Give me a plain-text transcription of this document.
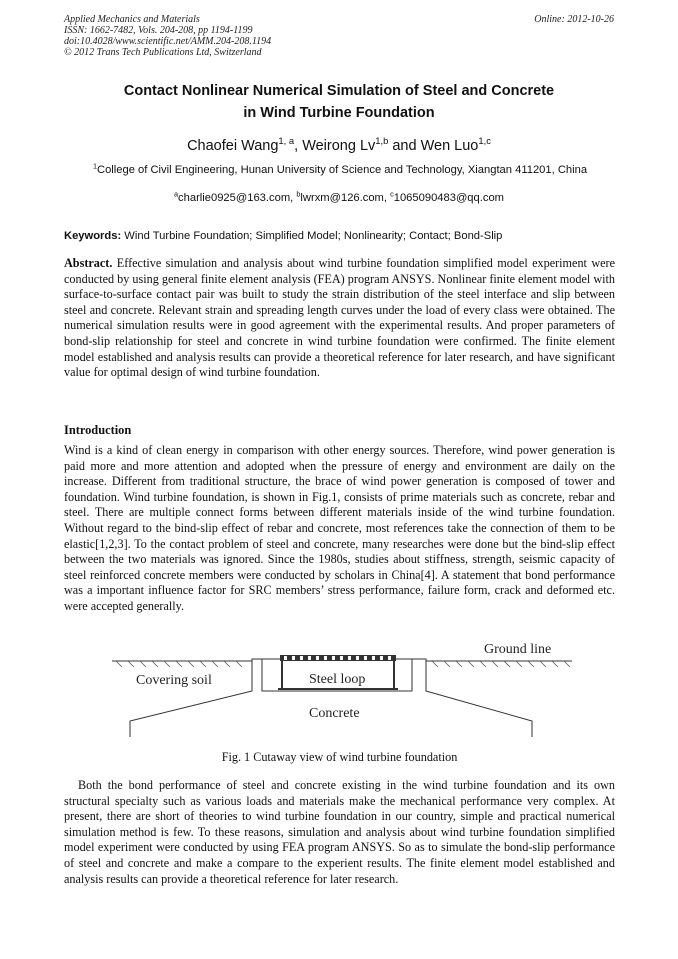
Applied Mechanics and Materials
ISSN: 1662-7482, Vols. 204-208, pp 1194-1199
doi:10.4028/www.scientific.net/AMM.204-208.1194
© 2012 Trans Tech Publications Ltd, Switzerland
Online: 2012-10-26
Contact Nonlinear Numerical Simulation of Steel and Concrete
in Wind Turbine Foundation
Chaofei Wang$^{1, a}$, Weirong Lv$^{1,b}$ and Wen Luo$^{1,c}$
$^1$College of Civil Engineering, Hunan University of Science and Technology, Xiangtan 411201, China
$^a$charlie0925@163.com, $^b$lwrxm@126.com, $^c$1065090483@qq.com
Keywords: Wind Turbine Foundation; Simplified Model; Nonlinearity; Contact; Bond-Slip

Abstract. Effective simulation and analysis about wind turbine foundation simplified model experiment were conducted by using general finite element analysis (FEA) program ANSYS. Nonlinear finite element model with surface-to-surface contact pair was built to study the strain distribution of the steel interface and slip between steel and concrete. Relevant strain and spreading length curves under the load of every class were obtained. The numerical simulation results were in good agreement with the experimental results. And proper parameters of bond-slip relationship for steel and concrete in wind turbine foundation were confirmed. The finite element model established and analysis results can provide a theoretical reference for later research, and have significant value for optimal design of wind turbine foundation.

Introduction

Wind is a kind of clean energy in comparison with other energy sources. Therefore, wind power generation is paid more and more attention and adopted when the pressure of energy and environment are daily on the increase. Different from traditional structure, the brace of wind power generation is composed of tower and foundation. Wind turbine foundation, is shown in Fig.1, consists of prime materials such as concrete, rebar and steel. There are multiple connect forms between different materials inside of the wind turbine foundation. Without regard to the bind-slip effect of rebar and concrete, most references take the connection of them to be elastic[1,2,3]. To the contact problem of steel and concrete, many researches were done but the bind-slip effect between the two materials was ignored. Since the 1980s, studies about stiffness, strength, seismic capacity of steel reinforced concrete members were conducted by scholars in China[4]. A statement that bond performance was a important influence factor for SRC members’ stress performance, failure form, crack and deformed etc. were accepted generally.

Ground line
Covering soil	Steel loop
Concrete
Fig. 1 Cutaway view of wind turbine foundation

Both the bond performance of steel and concrete existing in the wind turbine foundation and its own structural specialty such as various loads and materials make the mechanical performance very complex. At present, there are short of theories to wind turbine foundation in our country, simple and practical numerical simulation method is few. To these reasons, simulation and analysis about wind turbine foundation simplified model experiment were conducted by using FEA program ANSYS. So as to simulate the bond-slip performance of steel and concrete and make a compare to the experient results. The finite element model established and analysis results can provide a theoretical reference for later research.
